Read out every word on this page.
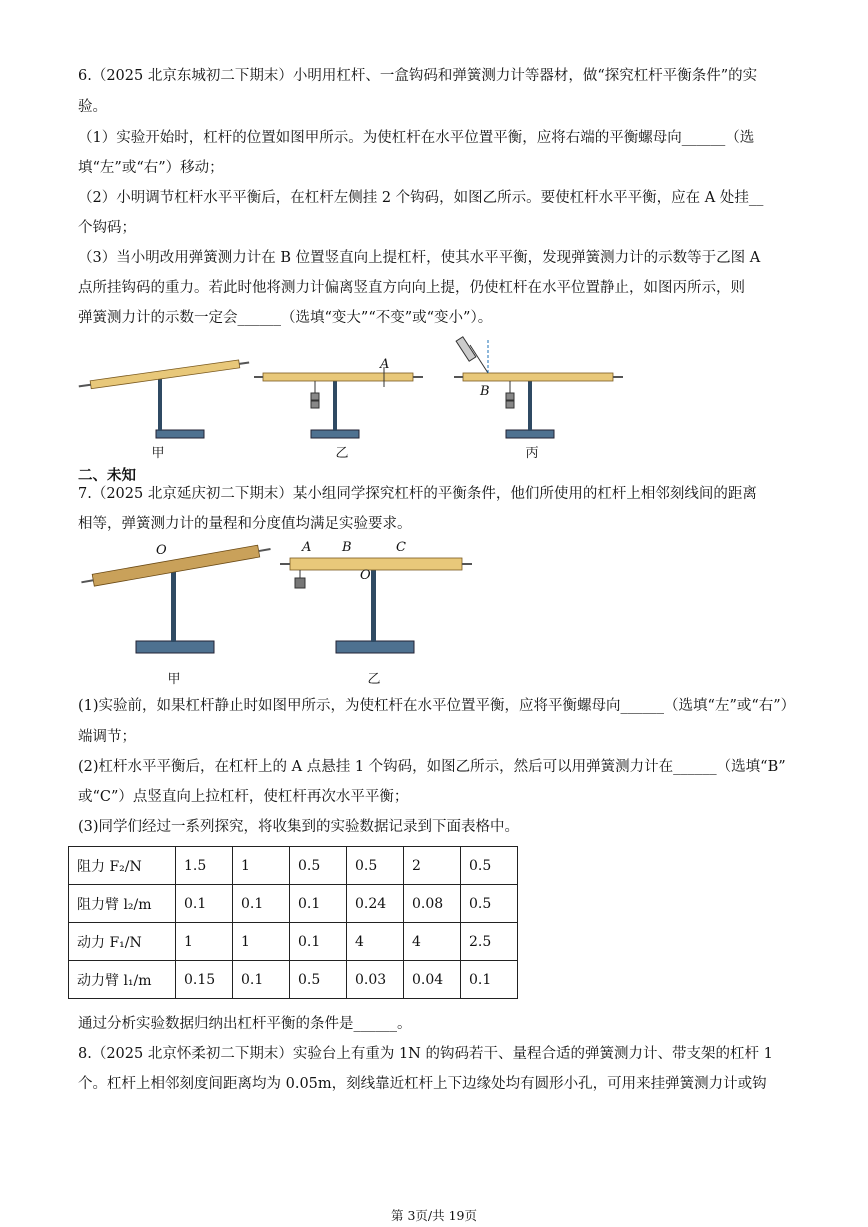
6.（2025 北京东城初二下期末）小明用杠杆、一盒钩码和弹簧测力计等器材，做“探究杠杆平衡条件”的实
验。
（1）实验开始时，杠杆的位置如图甲所示。为使杠杆在水平位置平衡，应将右端的平衡螺母向______（选
填“左”或“右”）移动；
（2）小明调节杠杆水平平衡后，在杠杆左侧挂 2 个钩码，如图乙所示。要使杠杆水平平衡，应在 A 处挂__
个钩码；
（3）当小明改用弹簧测力计在 B 位置竖直向上提杠杆，使其水平平衡，发现弹簧测力计的示数等于乙图 A
点所挂钩码的重力。若此时他将测力计偏离竖直方向向上提，仍使杠杆在水平位置静止，如图丙所示，则
弹簧测力计的示数一定会______（选填“变大”“不变”或“变小”）。
A
B
甲	乙	丙
二、未知
7.（2025 北京延庆初二下期末）某小组同学探究杠杆的平衡条件，他们所使用的杠杆上相邻刻线间的距离
相等，弹簧测力计的量程和分度值均满足实验要求。
O	A B	C
O
甲	乙
(1)实验前，如果杠杆静止时如图甲所示，为使杠杆在水平位置平衡，应将平衡螺母向______（选填“左”或“右”）
端调节；
(2)杠杆水平平衡后，在杠杆上的 A 点悬挂 1 个钩码，如图乙所示，然后可以用弹簧测力计在______（选填“B”
或“C”）点竖直向上拉杠杆，使杠杆再次水平平衡；
(3)同学们经过一系列探究，将收集到的实验数据记录到下面表格中。
阻力 F₂/N	1.5	1	0.5	0.5	2	0.5
阻力臂 l₂/m	0.1	0.1	0.1	0.24	0.08	0.5
动力 F₁/N	1	1	0.1	4	4	2.5
动力臂 l₁/m	0.15	0.1	0.5	0.03	0.04	0.1
通过分析实验数据归纳出杠杆平衡的条件是______。
8.（2025 北京怀柔初二下期末）实验台上有重为 1N 的钩码若干、量程合适的弹簧测力计、带支架的杠杆 1
个。杠杆上相邻刻度间距离均为 0.05m，刻线靠近杠杆上下边缘处均有圆形小孔，可用来挂弹簧测力计或钩
第 3页/共 19页
